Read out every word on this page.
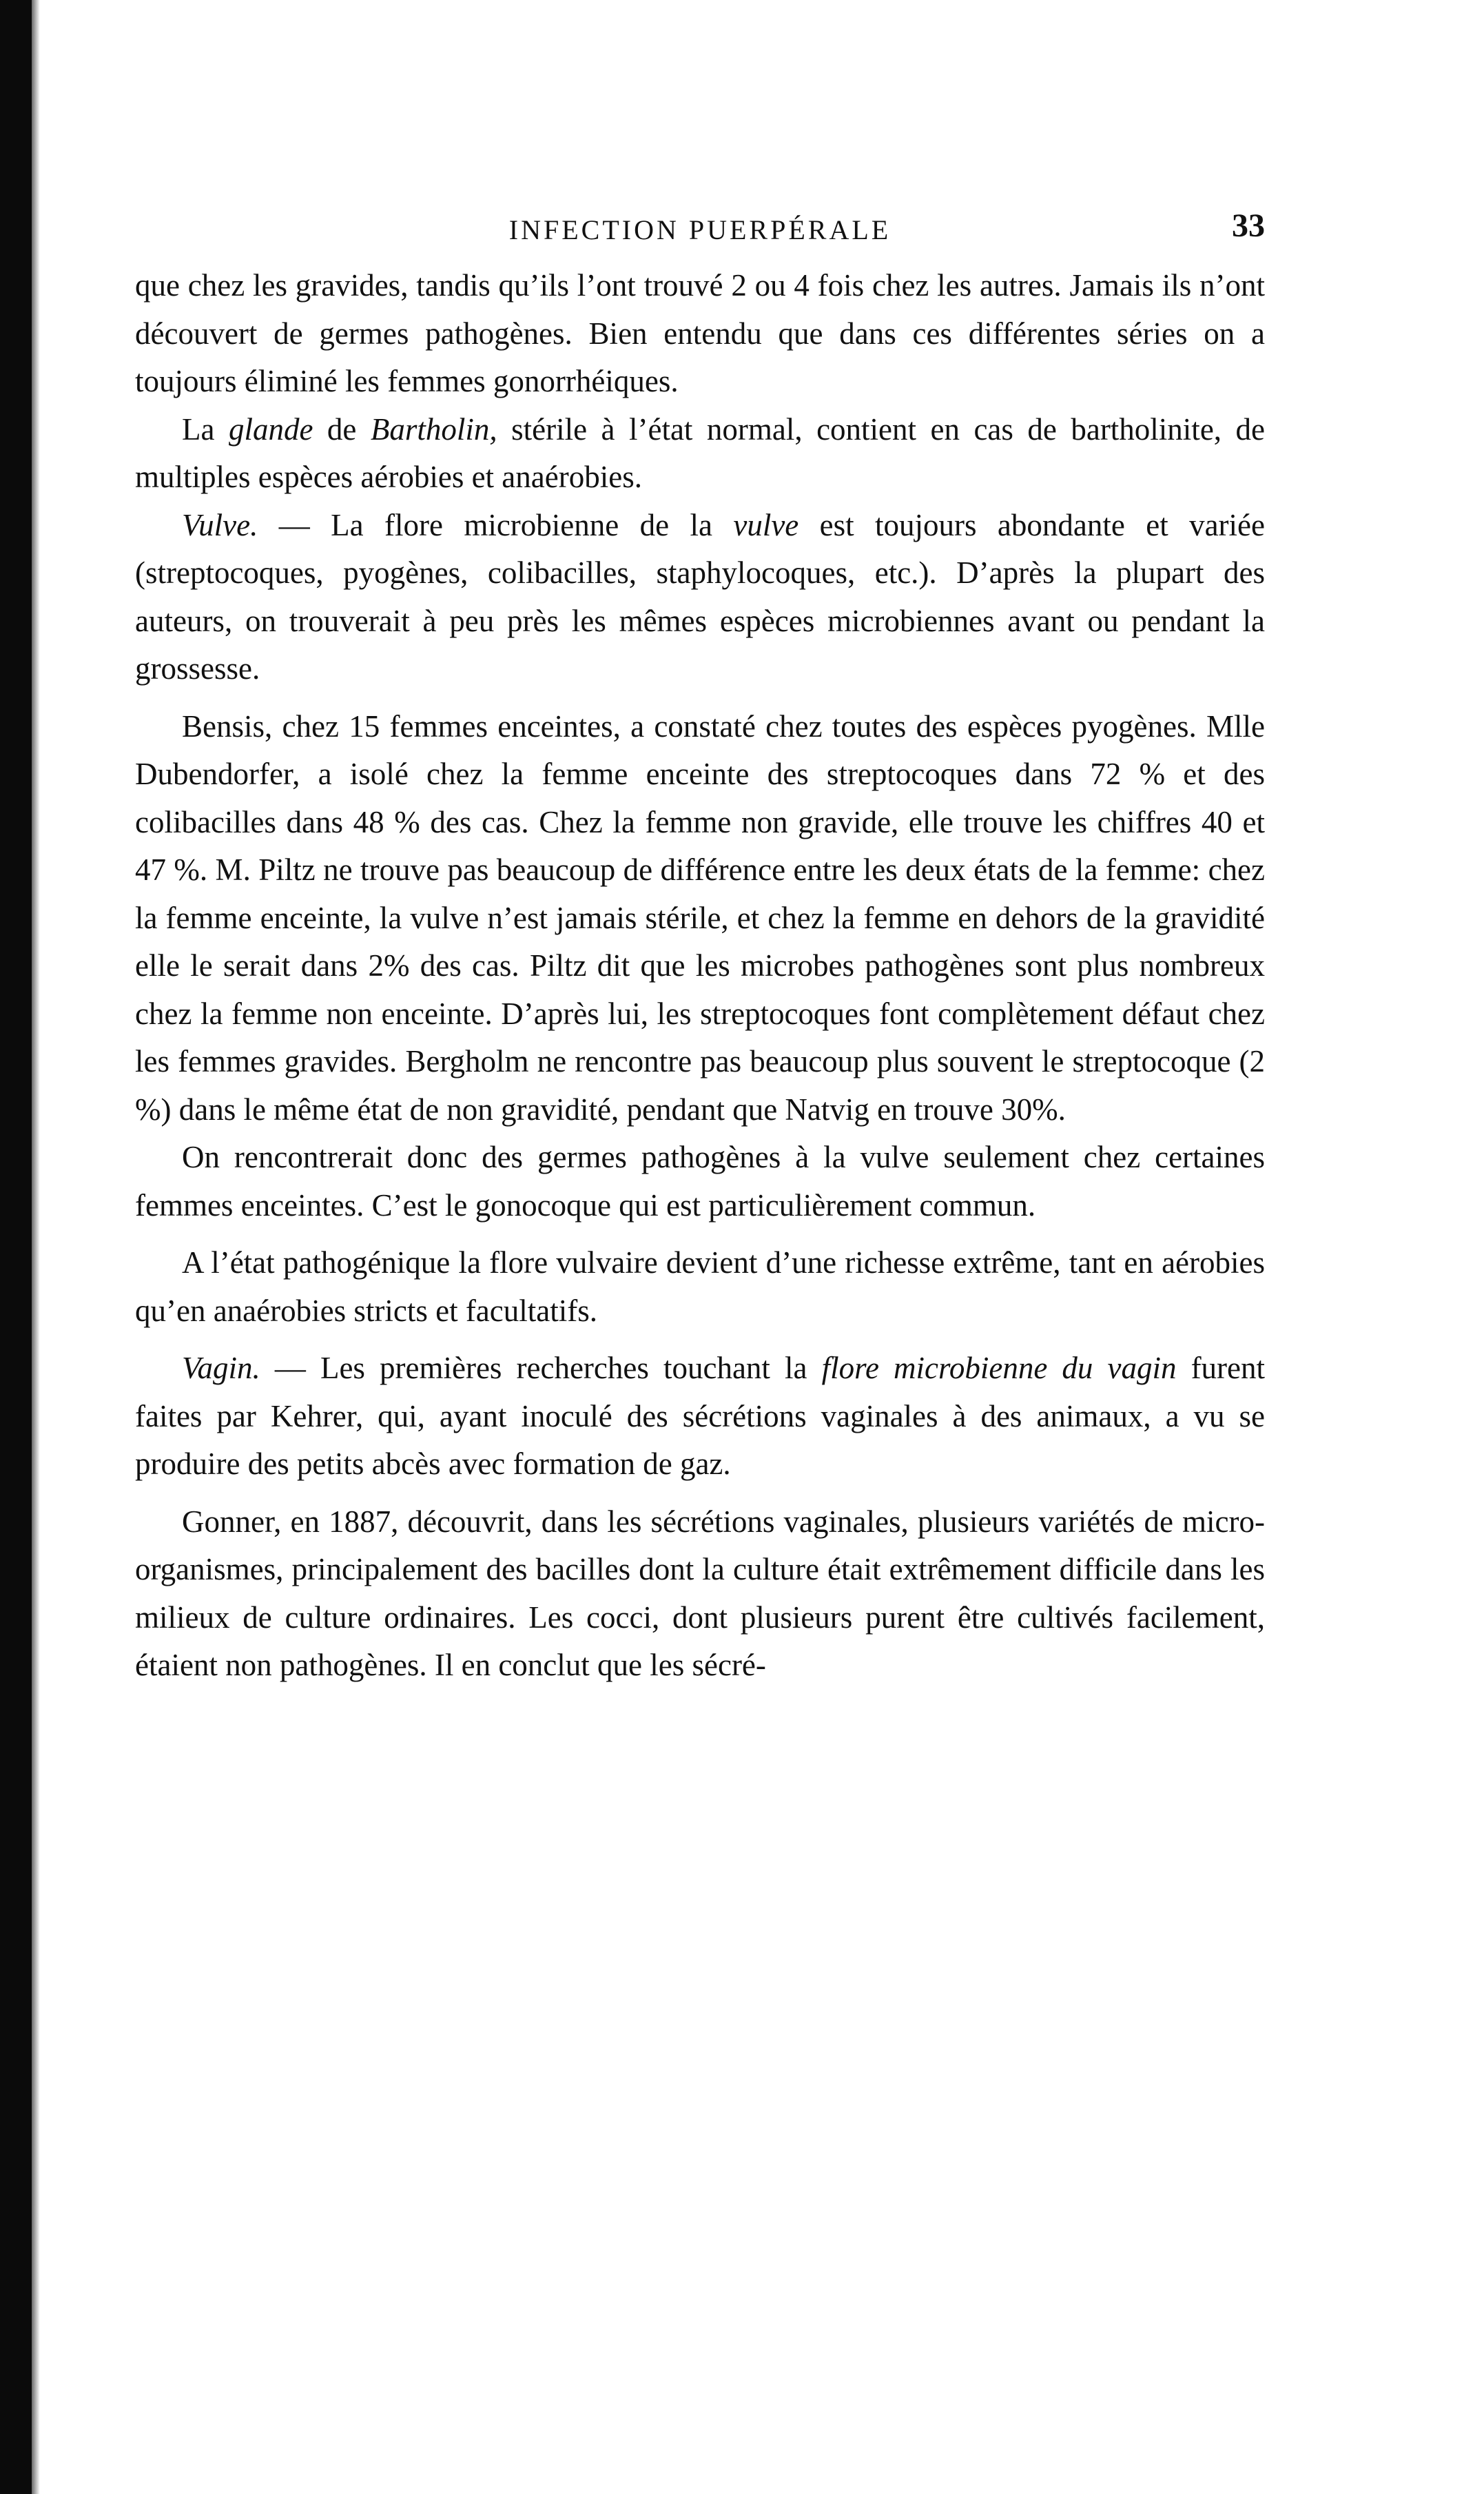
INFECTION PUERPÉRALE	33

que chez les gravides, tandis qu’ils l’ont trouvé 2 ou 4 fois chez les autres. Jamais ils n’ont découvert de germes pathogènes. Bien entendu que dans ces différentes séries on a toujours éliminé les femmes gonorrhéiques.

La glande de Bartholin, stérile à l’état normal, contient en cas de bartholinite, de multiples espèces aérobies et anaérobies.

Vulve. — La flore microbienne de la vulve est toujours abondante et variée (streptocoques, pyogènes, colibacilles, staphylocoques, etc.). D’après la plupart des auteurs, on trouverait à peu près les mêmes espèces microbiennes avant ou pendant la grossesse.

Bensis, chez 15 femmes enceintes, a constaté chez toutes des espèces pyogènes. Mlle Dubendorfer, a isolé chez la femme enceinte des streptocoques dans 72 % et des colibacilles dans 48 % des cas. Chez la femme non gravide, elle trouve les chiffres 40 et 47 %. M. Piltz ne trouve pas beaucoup de différence entre les deux états de la femme: chez la femme enceinte, la vulve n’est jamais stérile, et chez la femme en dehors de la gravidité elle le serait dans 2% des cas. Piltz dit que les microbes pathogènes sont plus nombreux chez la femme non enceinte. D’après lui, les streptocoques font complètement défaut chez les femmes gravides. Bergholm ne rencontre pas beaucoup plus souvent le streptocoque (2 %) dans le même état de non gravidité, pendant que Natvig en trouve 30%.

On rencontrerait donc des germes pathogènes à la vulve seulement chez certaines femmes enceintes. C’est le gonocoque qui est particulièrement commun.

A l’état pathogénique la flore vulvaire devient d’une richesse extrême, tant en aérobies qu’en anaérobies stricts et facultatifs.

Vagin. — Les premières recherches touchant la flore microbienne du vagin furent faites par Kehrer, qui, ayant inoculé des sécrétions vaginales à des animaux, a vu se produire des petits abcès avec formation de gaz.

Gonner, en 1887, découvrit, dans les sécrétions vaginales, plusieurs variétés de micro-organismes, principalement des bacilles dont la culture était extrêmement difficile dans les milieux de culture ordinaires. Les cocci, dont plusieurs purent être cultivés facilement, étaient non pathogènes. Il en conclut que les sécré-
